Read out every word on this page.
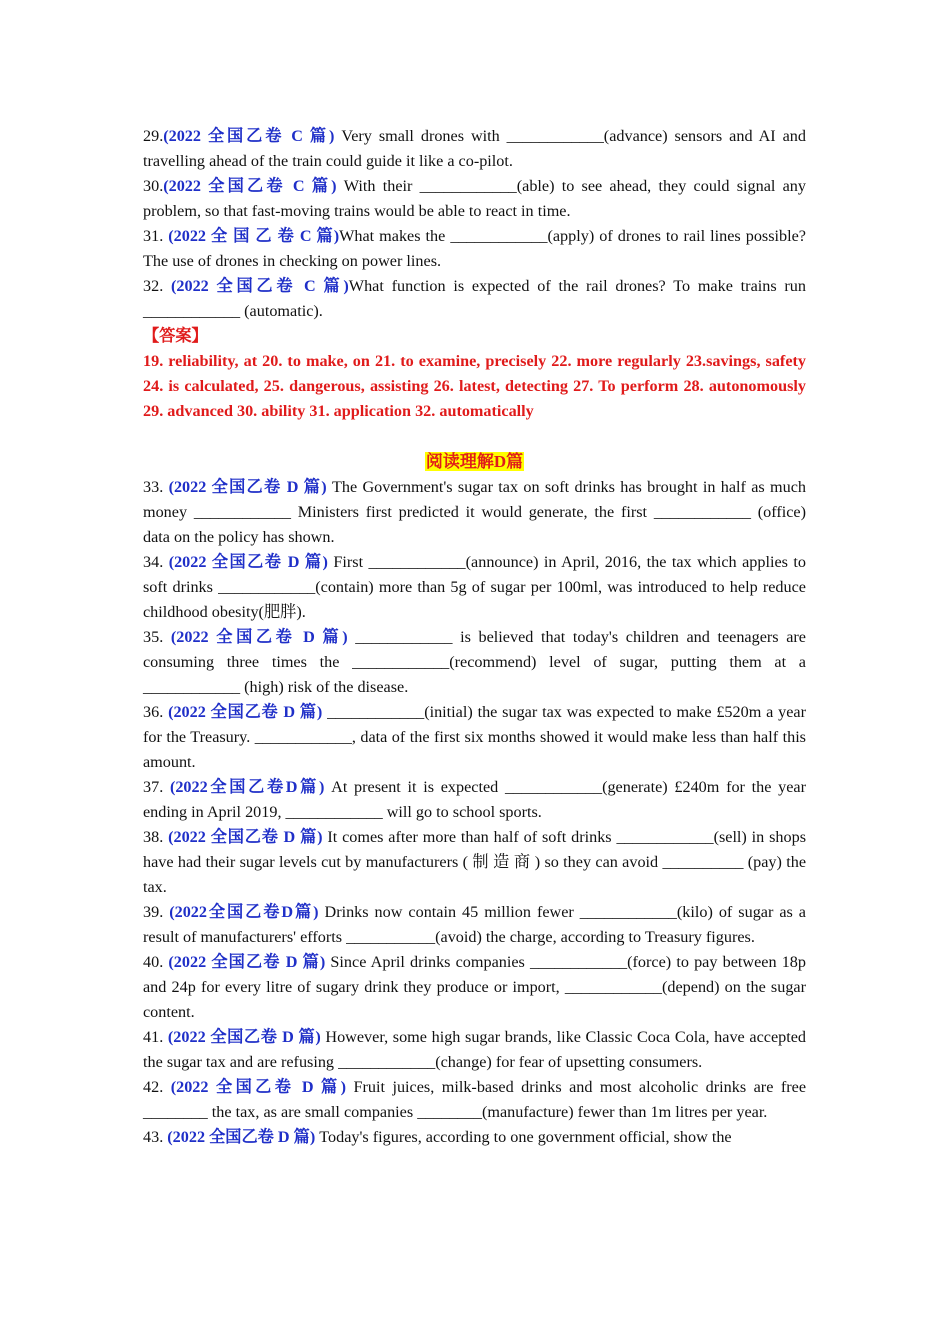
29.(2022 全国乙卷 C 篇) Very small drones with ____________(advance) sensors and AI and travelling ahead of the train could guide it like a co-pilot.

30.(2022 全国乙卷 C 篇) With their ____________(able) to see ahead, they could signal any problem, so that fast-moving trains would be able to react in time.

31. (2022 全 国 乙 卷 C 篇)What makes the ____________(apply) of drones to rail lines possible? The use of drones in checking on power lines.

32. (2022 全国乙卷 C 篇)What function is expected of the rail drones? To make trains run ____________ (automatic).

【答案】

19. reliability, at 20. to make, on 21. to examine, precisely 22. more regularly 23.savings, safety 24. is calculated, 25. dangerous, assisting 26. latest, detecting 27. To perform 28. autonomously 29. advanced 30. ability 31. application 32. automatically

阅读理解D篇

33. (2022 全国乙卷 D 篇) The Government's sugar tax on soft drinks has brought in half as much money ____________ Ministers first predicted it would generate, the first ____________ (office) data on the policy has shown.

34. (2022 全国乙卷 D 篇) First ____________(announce) in April, 2016, the tax which applies to soft drinks ____________(contain) more than 5g of sugar per 100ml, was introduced to help reduce childhood obesity(肥胖).

35. (2022 全国乙卷 D 篇) ____________ is believed that today's children and teenagers are consuming three times the ____________(recommend) level of sugar, putting them at a ____________ (high) risk of the disease.

36. (2022 全国乙卷 D 篇) ____________(initial) the sugar tax was expected to make £520m a year for the Treasury. ____________, data of the first six months showed it would make less than half this amount.

37. (2022全国乙卷D篇) At present it is expected ____________(generate) £240m for the year ending in April 2019, ____________ will go to school sports.

38. (2022 全国乙卷 D 篇) It comes after more than half of soft drinks ____________(sell) in shops have had their sugar levels cut by manufacturers ( 制 造 商 ) so they can avoid __________ (pay) the tax.

39. (2022全国乙卷D篇) Drinks now contain 45 million fewer ____________(kilo) of sugar as a result of manufacturers' efforts ___________(avoid) the charge, according to Treasury figures.

40. (2022 全国乙卷 D 篇) Since April drinks companies ____________(force) to pay between 18p and 24p for every litre of sugary drink they produce or import, ____________(depend) on the sugar content.

41. (2022 全国乙卷 D 篇) However, some high sugar brands, like Classic Coca Cola, have accepted the sugar tax and are refusing ____________(change) for fear of upsetting consumers.

42. (2022 全国乙卷 D 篇) Fruit juices, milk-based drinks and most alcoholic drinks are free ________ the tax, as are small companies ________(manufacture) fewer than 1m litres per year.

43. (2022 全国乙卷 D 篇) Today's figures, according to one government official, show the
